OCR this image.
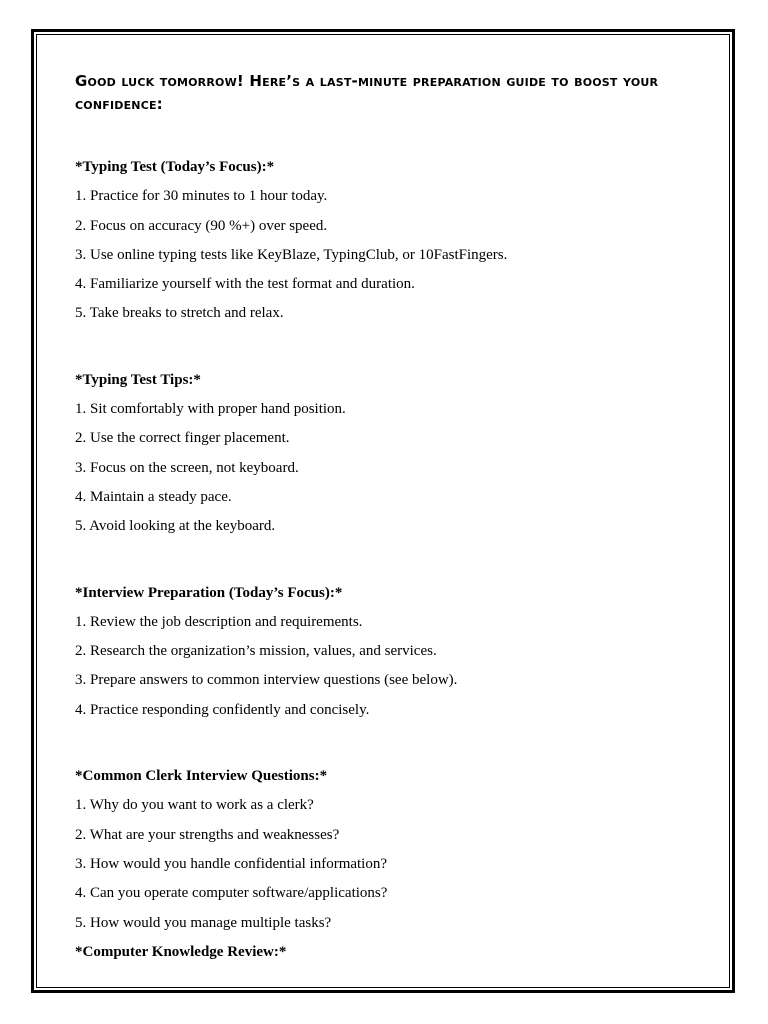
Good luck tomorrow! Here’s a last-minute preparation guide to boost your confidence:
*Typing Test (Today’s Focus):*
1. Practice for 30 minutes to 1 hour today.
2. Focus on accuracy (90 %+) over speed.
3. Use online typing tests like KeyBlaze, TypingClub, or 10FastFingers.
4. Familiarize yourself with the test format and duration.
5. Take breaks to stretch and relax.
*Typing Test Tips:*
1. Sit comfortably with proper hand position.
2. Use the correct finger placement.
3. Focus on the screen, not keyboard.
4. Maintain a steady pace.
5. Avoid looking at the keyboard.
*Interview Preparation (Today’s Focus):*
1. Review the job description and requirements.
2. Research the organization’s mission, values, and services.
3. Prepare answers to common interview questions (see below).
4. Practice responding confidently and concisely.
*Common Clerk Interview Questions:*
1. Why do you want to work as a clerk?
2. What are your strengths and weaknesses?
3. How would you handle confidential information?
4. Can you operate computer software/applications?
5. How would you manage multiple tasks?
*Computer Knowledge Review:*
